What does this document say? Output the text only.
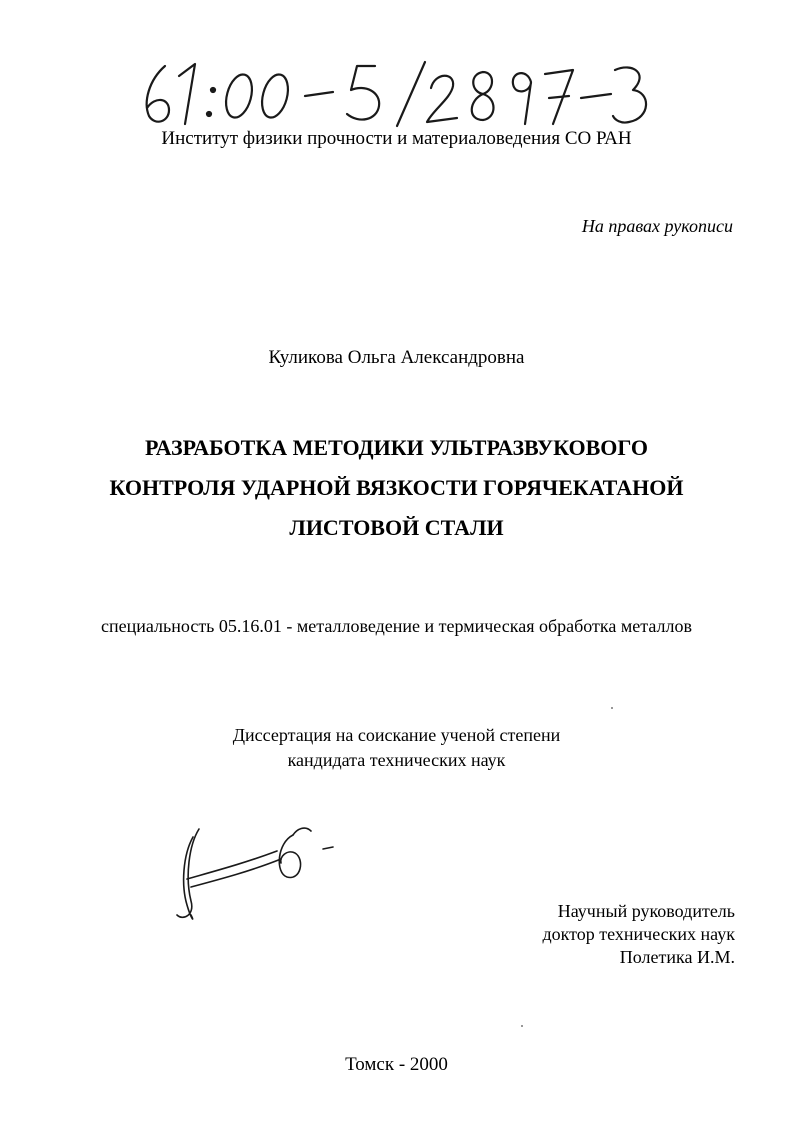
Институт физики прочности и материаловедения СО РАН
На правах рукописи
Куликова Ольга Александровна
РАЗРАБОТКА МЕТОДИКИ УЛЬТРАЗВУКОВОГО
КОНТРОЛЯ УДАРНОЙ ВЯЗКОСТИ ГОРЯЧЕКАТАНОЙ
ЛИСТОВОЙ СТАЛИ
специальность 05.16.01 - металловедение и термическая обработка металлов
Диссертация на соискание ученой степени
кандидата технических наук
Научный руководитель
доктор технических наук
Полетика И.М.
Томск - 2000
